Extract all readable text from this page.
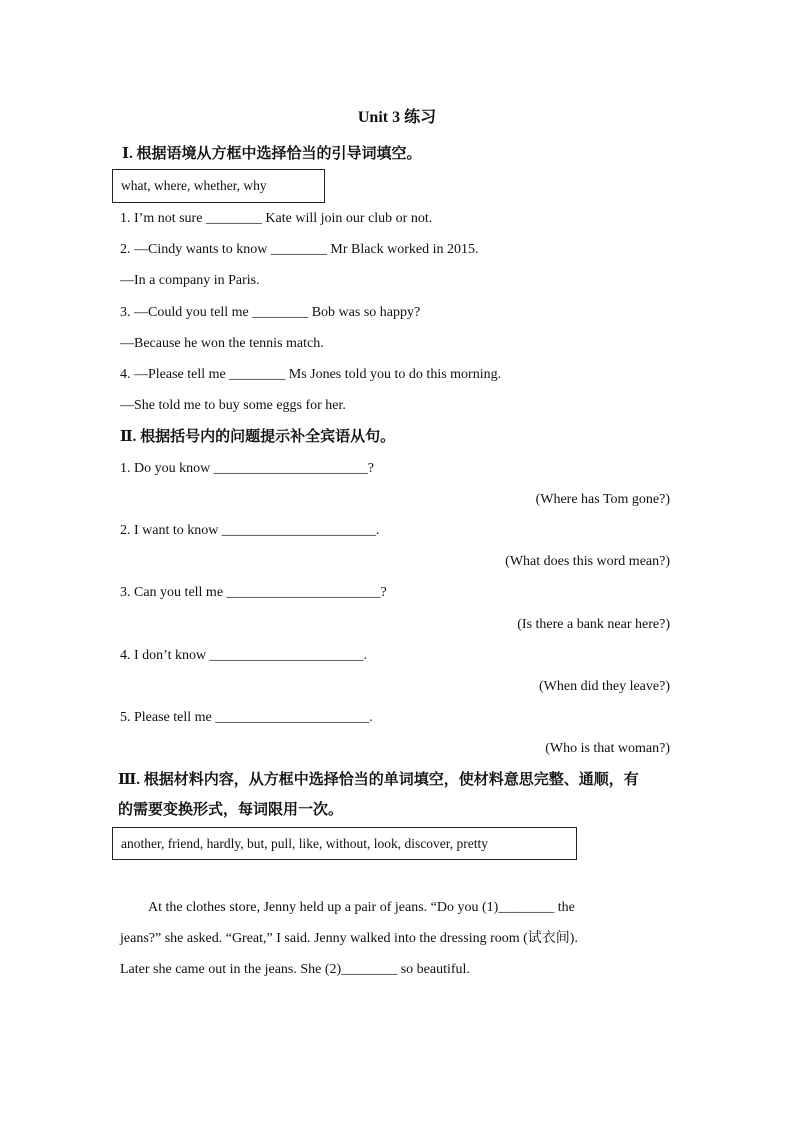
Unit 3 练习
Ⅰ. 根据语境从方框中选择恰当的引导词填空。
what, where, whether, why
1. I’m not sure ________ Kate will join our club or not.
2. —Cindy wants to know ________ Mr Black worked in 2015.
—In a company in Paris.
3. —Could you tell me ________ Bob was so happy?
—Because he won the tennis match.
4. —Please tell me ________ Ms Jones told you to do this morning.
—She told me to buy some eggs for her.
Ⅱ. 根据括号内的问题提示补全宾语从句。
1. Do you know ______________________?
(Where has Tom gone?)
2. I want to know ______________________.
(What does this word mean?)
3. Can you tell me ______________________?
(Is there a bank near here?)
4. I don’t know ______________________.
(When did they leave?)
5. Please tell me ______________________.
(Who is that woman?)
Ⅲ. 根据材料内容，从方框中选择恰当的单词填空，使材料意思完整、通顺，有
的需要变换形式，每词限用一次。
another, friend, hardly, but, pull, like, without, look, discover, pretty
At the clothes store, Jenny held up a pair of jeans. “Do you (1)________ the
jeans?” she asked. “Great,” I said. Jenny walked into the dressing room (试衣间).
Later she came out in the jeans. She (2)________ so beautiful.
